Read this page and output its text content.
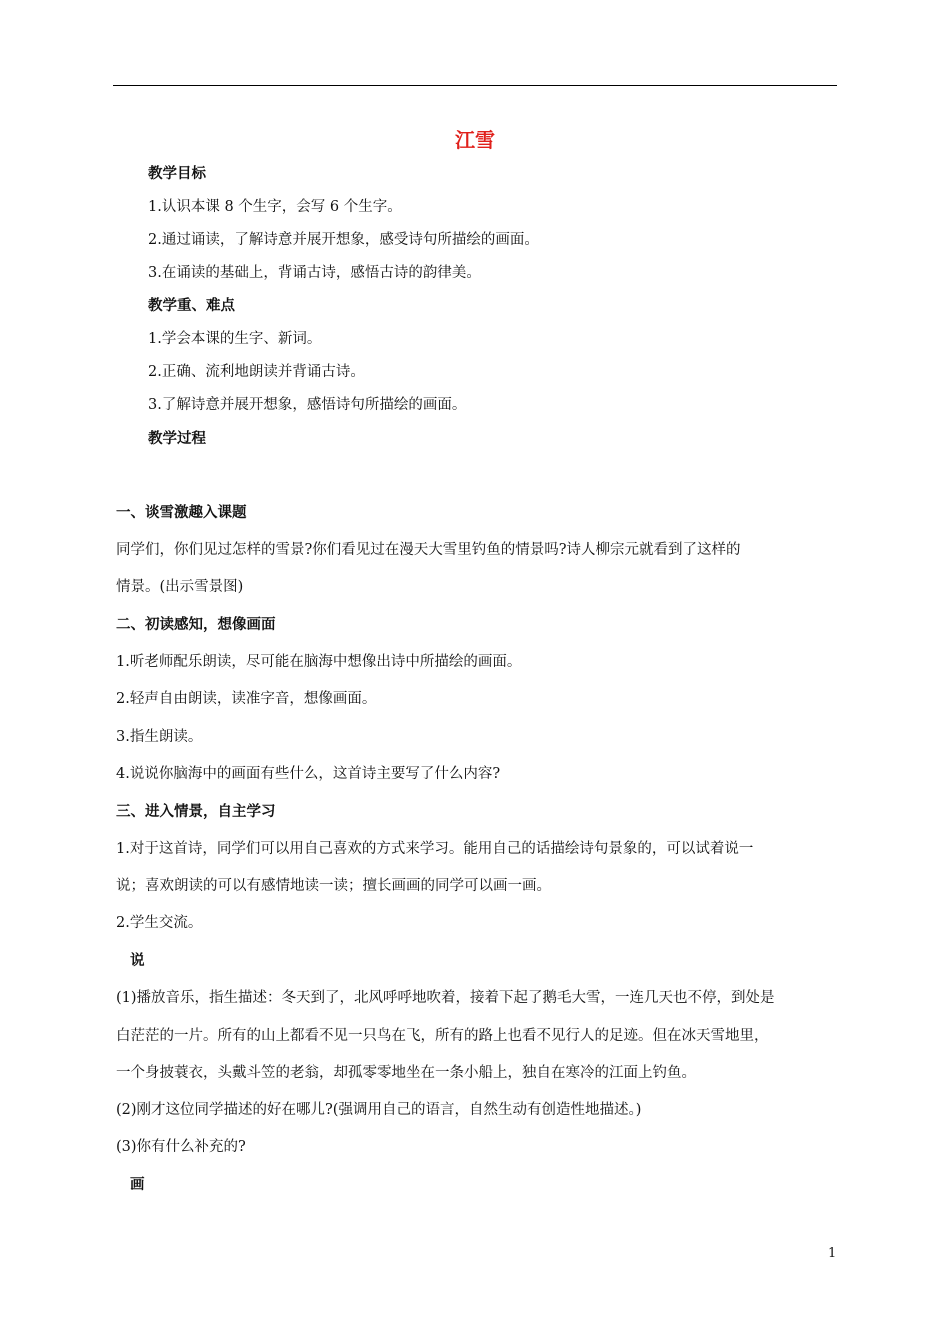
江雪
教学目标
1.认识本课 8 个生字，会写 6 个生字。
2.通过诵读，了解诗意并展开想象，感受诗句所描绘的画面。
3.在诵读的基础上，背诵古诗，感悟古诗的韵律美。
教学重、难点
1.学会本课的生字、新词。
2.正确、流利地朗读并背诵古诗。
3.了解诗意并展开想象，感悟诗句所描绘的画面。
教学过程
一、谈雪激趣入课题
同学们，你们见过怎样的雪景?你们看见过在漫天大雪里钓鱼的情景吗?诗人柳宗元就看到了这样的
情景。(出示雪景图)
二、初读感知，想像画面
1.听老师配乐朗读，尽可能在脑海中想像出诗中所描绘的画面。
2.轻声自由朗读，读准字音，想像画面。
3.指生朗读。
4.说说你脑海中的画面有些什么，这首诗主要写了什么内容?
三、进入情景，自主学习
1.对于这首诗，同学们可以用自己喜欢的方式来学习。能用自己的话描绘诗句景象的，可以试着说一
说；喜欢朗读的可以有感情地读一读；擅长画画的同学可以画一画。
2.学生交流。
说
(1)播放音乐，指生描述：冬天到了，北风呼呼地吹着，接着下起了鹅毛大雪，一连几天也不停，到处是
白茫茫的一片。所有的山上都看不见一只鸟在飞，所有的路上也看不见行人的足迹。但在冰天雪地里，
一个身披蓑衣，头戴斗笠的老翁，却孤零零地坐在一条小船上，独自在寒冷的江面上钓鱼。
(2)刚才这位同学描述的好在哪儿?(强调用自己的语言，自然生动有创造性地描述。)
(3)你有什么补充的?
画
1
